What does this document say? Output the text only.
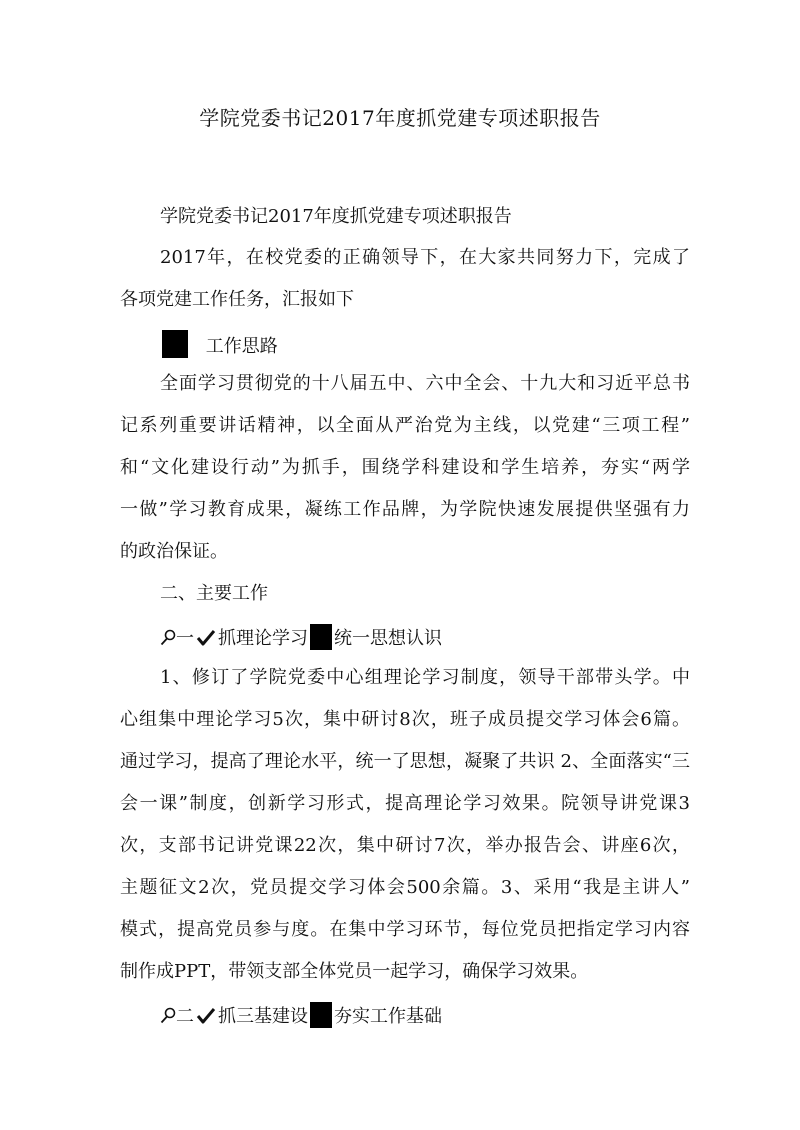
学院党委书记2017年度抓党建专项述职报告
学院党委书记2017年度抓党建专项述职报告
2017年，在校党委的正确领导下，在大家共同努力下，完成了
各项党建工作任务，汇报如下
工作思路
全面学习贯彻党的十八届五中、六中全会、十九大和习近平总书
记系列重要讲话精神，以全面从严治党为主线，以党建“三项工程”
和“文化建设行动”为抓手，围绕学科建设和学生培养，夯实“两学
一做”学习教育成果，凝练工作品牌，为学院快速发展提供坚强有力
的政治保证。
二、主要工作
一 抓理论学习 统一思想认识
1、修订了学院党委中心组理论学习制度，领导干部带头学。中
心组集中理论学习5次，集中研讨8次，班子成员提交学习体会6篇。
通过学习，提高了理论水平，统一了思想，凝聚了共识 2、全面落实“三
会一课”制度，创新学习形式，提高理论学习效果。院领导讲党课3
次，支部书记讲党课22次，集中研讨7次，举办报告会、讲座6次，
主题征文2次，党员提交学习体会500余篇。3、采用“我是主讲人”
模式，提高党员参与度。在集中学习环节，每位党员把指定学习内容
制作成PPT，带领支部全体党员一起学习，确保学习效果。
二 抓三基建设 夯实工作基础
